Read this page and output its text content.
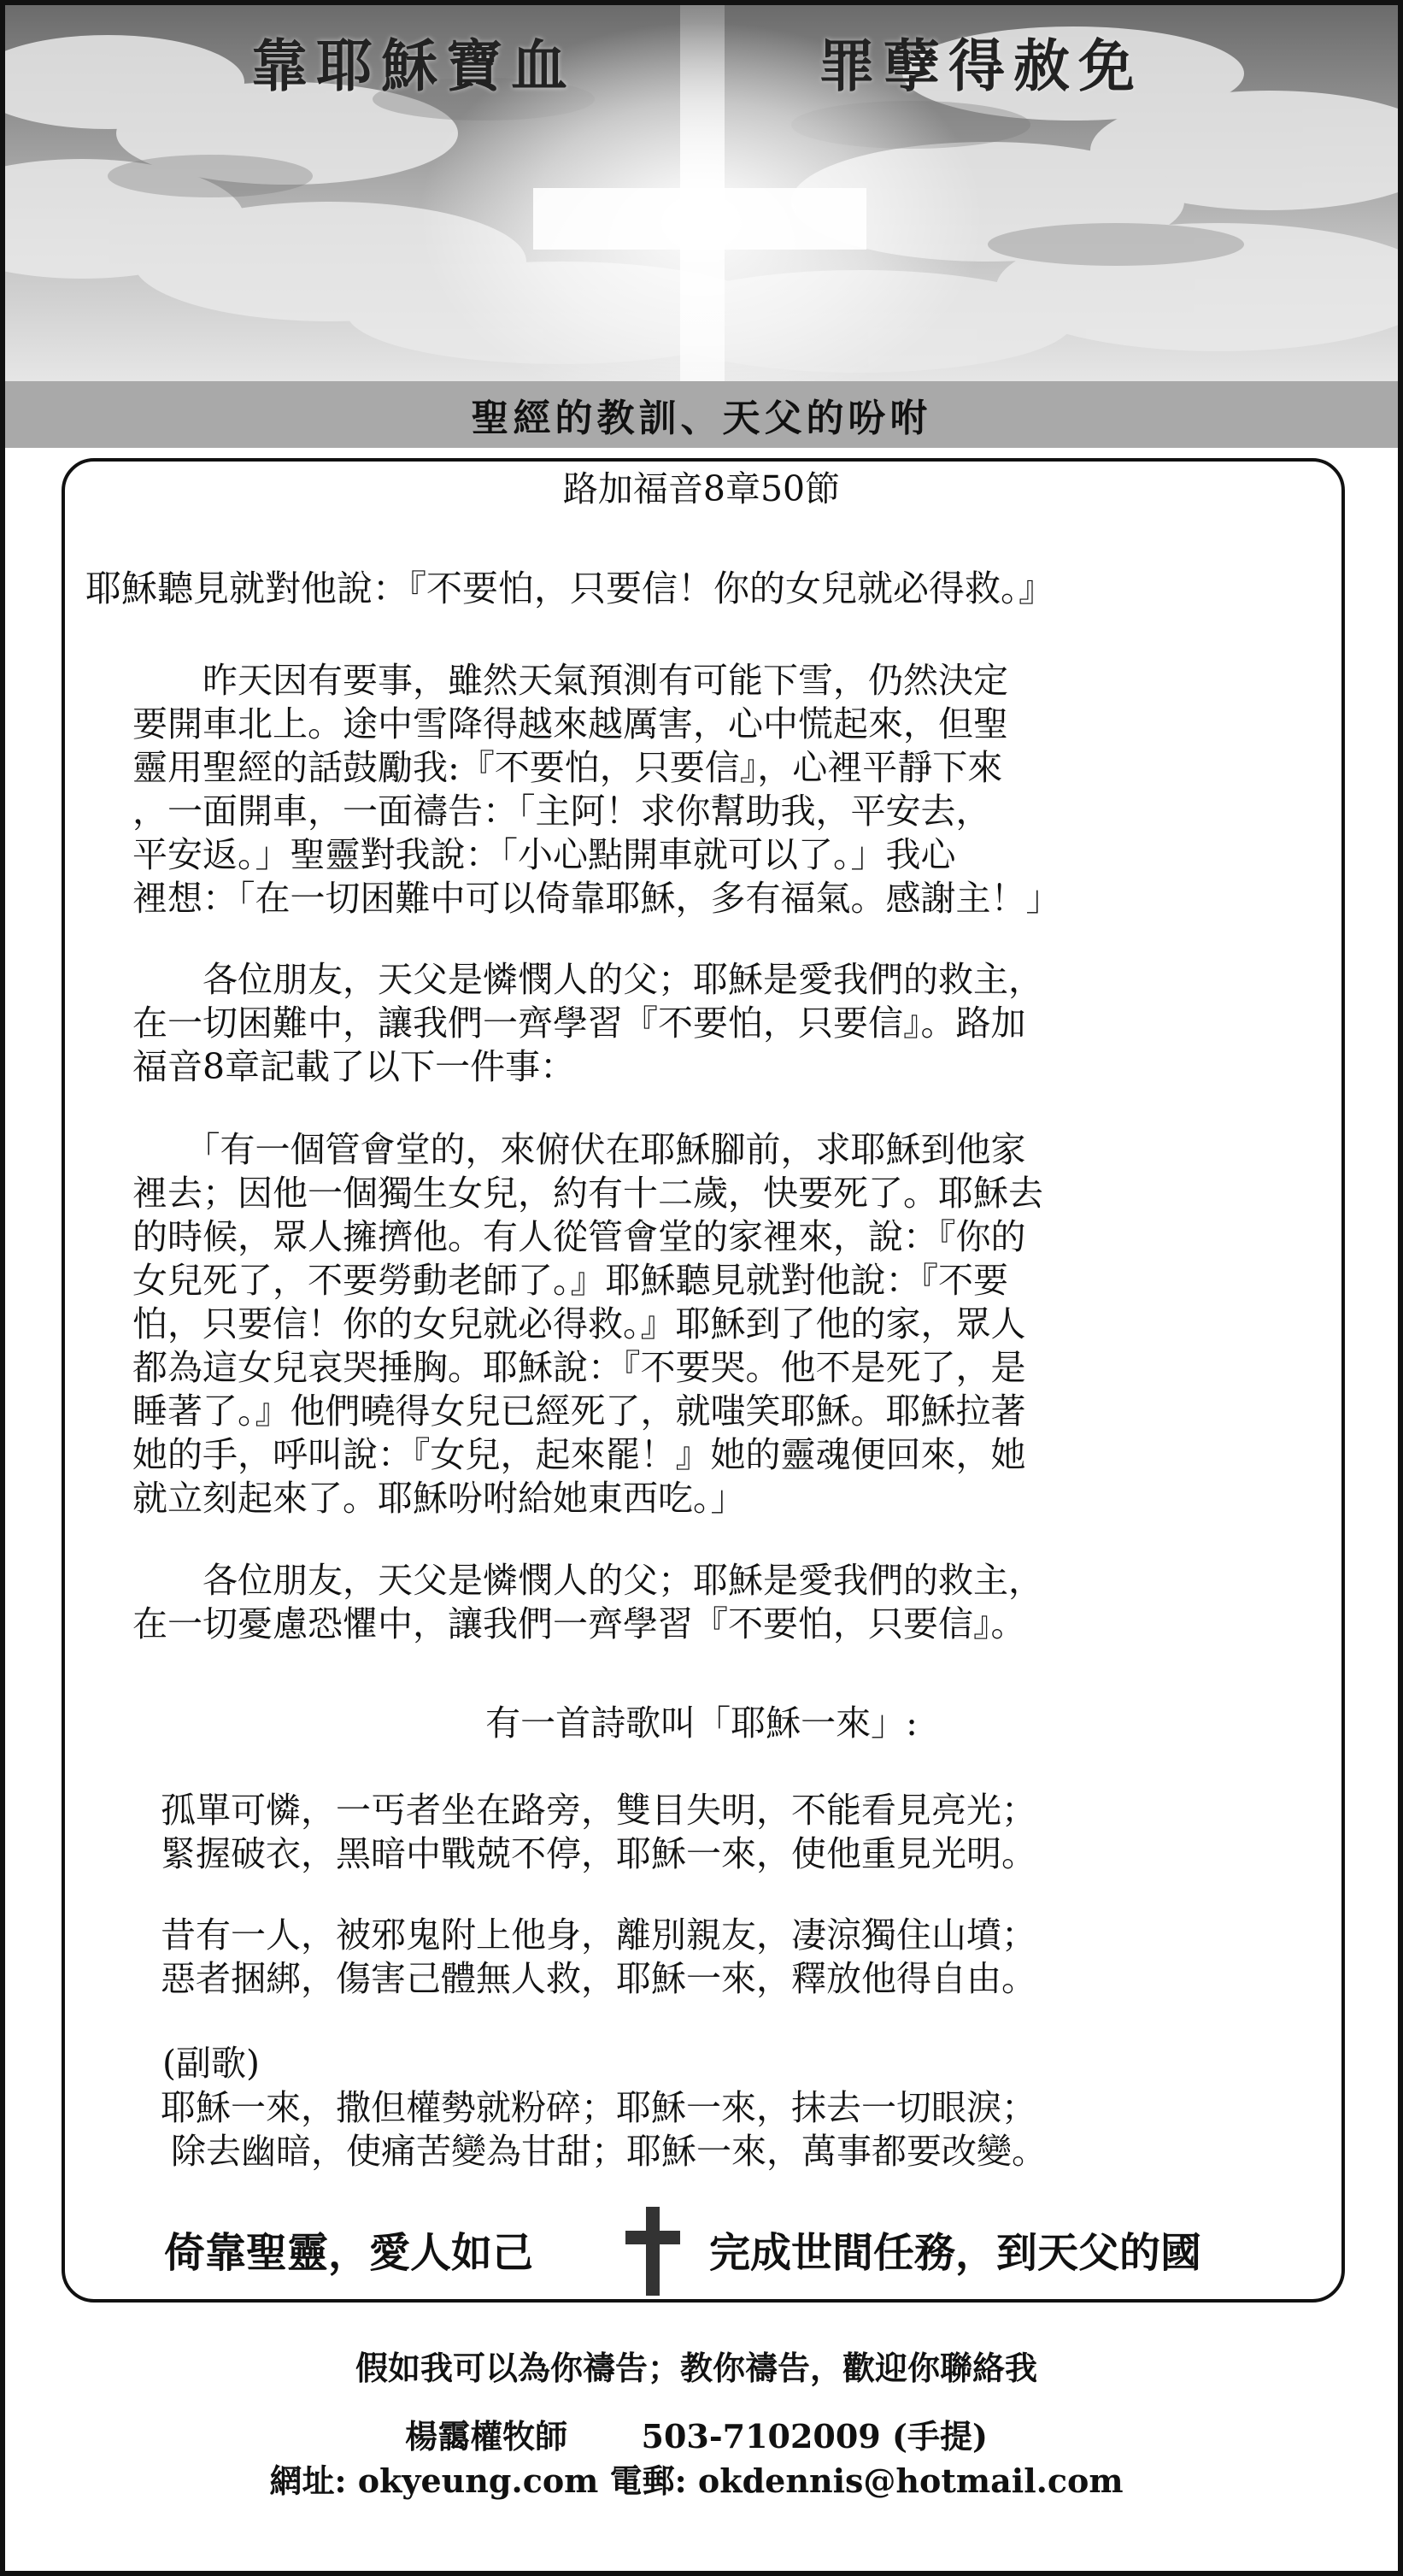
靠耶穌寶血	罪孽得赦免
聖經的教訓、天父的吩咐
路加福音8章50節
耶穌聽見就對他說：『不要怕，只要信！你的女兒就必得救。』
　　昨天因有要事，雖然天氣預測有可能下雪，仍然決定
要開車北上。途中雪降得越來越厲害，心中慌起來，但聖
靈用聖經的話鼓勵我:『不要怕，只要信』，心裡平靜下來
，一面開車，一面禱告：「主阿！求你幫助我，平安去，
平安返。」聖靈對我說：「小心點開車就可以了。」我心
裡想：「在一切困難中可以倚靠耶穌，多有福氣。感謝主！」
　　各位朋友，天父是憐憫人的父；耶穌是愛我們的救主，
在一切困難中，讓我們一齊學習『不要怕，只要信』。路加
福音8章記載了以下一件事：
　　「有一個管會堂的，來俯伏在耶穌腳前，求耶穌到他家
裡去；因他一個獨生女兒，約有十二歲，快要死了。耶穌去
的時候，眾人擁擠他。有人從管會堂的家裡來，說：『你的
女兒死了，不要勞動老師了。』耶穌聽見就對他說：『不要
怕，只要信！你的女兒就必得救。』耶穌到了他的家，眾人
都為這女兒哀哭捶胸。耶穌說：『不要哭。他不是死了，是
睡著了。』他們曉得女兒已經死了，就嗤笑耶穌。耶穌拉著
她的手，呼叫說：『女兒，起來罷！』她的靈魂便回來，她
就立刻起來了。耶穌吩咐給她東西吃。」
　　各位朋友，天父是憐憫人的父；耶穌是愛我們的救主，
在一切憂慮恐懼中，讓我們一齊學習『不要怕，只要信』。
有一首詩歌叫「耶穌一來」:
孤單可憐，一丐者坐在路旁，雙目失明，不能看見亮光；
緊握破衣，黑暗中戰兢不停，耶穌一來，使他重見光明。
昔有一人，被邪鬼附上他身，離別親友，凄涼獨住山墳；
惡者捆綁，傷害己體無人救，耶穌一來，釋放他得自由。
(副歌)
耶穌一來，撒但權勢就粉碎；耶穌一來，抹去一切眼淚；
除去幽暗，使痛苦變為甘甜；耶穌一來，萬事都要改變。
倚靠聖靈，愛人如己	完成世間任務，到天父的國
假如我可以為你禱告；教你禱告，歡迎你聯絡我
楊靄權牧師 503-7102009 (手提)
網址: okyeung.com 電郵: okdennis@hotmail.com
